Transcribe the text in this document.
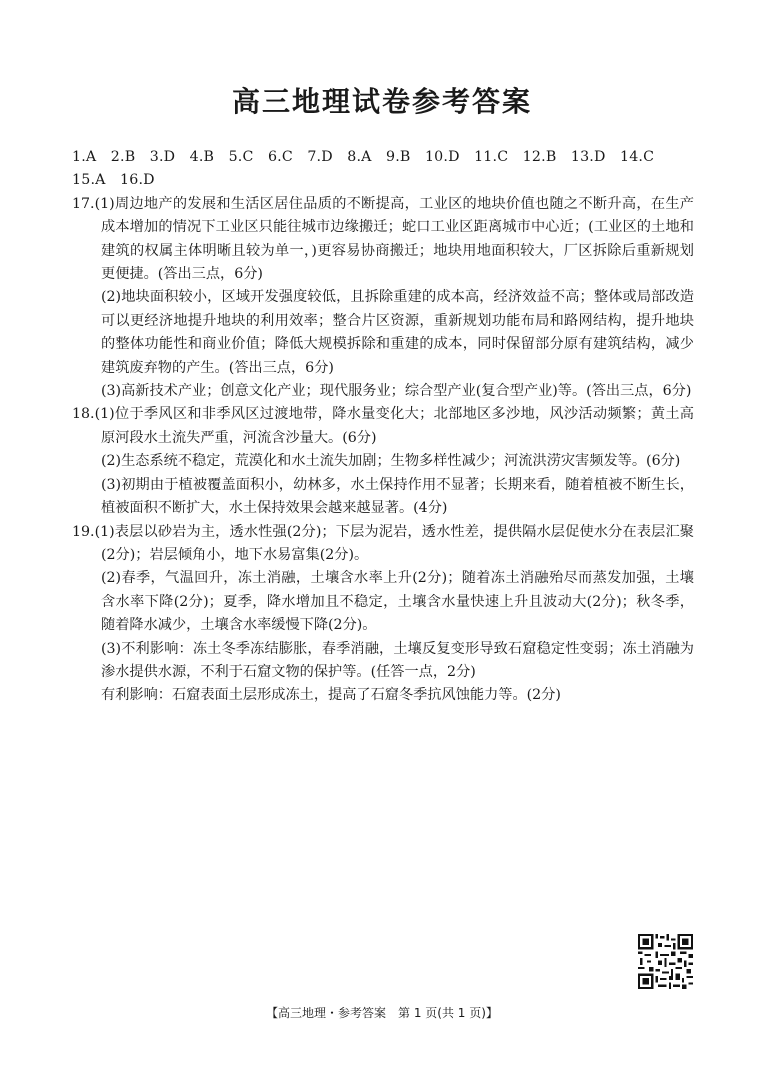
高三地理试卷参考答案

1.A　2.B　3.D　4.B　5.C　6.C　7.D　8.A　9.B　10.D　11.C　12.B　13.D　14.C

15.A　16.D

17.(1)周边地产的发展和生活区居住品质的不断提高，工业区的地块价值也随之不断升高，在生产成本增加的情况下工业区只能往城市边缘搬迁；蛇口工业区距离城市中心近；(工业区的土地和建筑的权属主体明晰且较为单一，)更容易协商搬迁；地块用地面积较大，厂区拆除后重新规划更便捷。(答出三点，6分)

(2)地块面积较小，区域开发强度较低，且拆除重建的成本高，经济效益不高；整体或局部改造可以更经济地提升地块的利用效率；整合片区资源，重新规划功能布局和路网结构，提升地块的整体功能性和商业价值；降低大规模拆除和重建的成本，同时保留部分原有建筑结构，减少建筑废弃物的产生。(答出三点，6分)

(3)高新技术产业；创意文化产业；现代服务业；综合型产业(复合型产业)等。(答出三点，6分)

18.(1)位于季风区和非季风区过渡地带，降水量变化大；北部地区多沙地，风沙活动频繁；黄土高原河段水土流失严重，河流含沙量大。(6分)

(2)生态系统不稳定，荒漠化和水土流失加剧；生物多样性减少；河流洪涝灾害频发等。(6分)

(3)初期由于植被覆盖面积小，幼林多，水土保持作用不显著；长期来看，随着植被不断生长，植被面积不断扩大，水土保持效果会越来越显著。(4分)

19.(1)表层以砂岩为主，透水性强(2分)；下层为泥岩，透水性差，提供隔水层促使水分在表层汇聚(2分)；岩层倾角小，地下水易富集(2分)。

(2)春季，气温回升，冻土消融，土壤含水率上升(2分)；随着冻土消融殆尽而蒸发加强，土壤含水率下降(2分)；夏季，降水增加且不稳定，土壤含水量快速上升且波动大(2分)；秋冬季，随着降水减少，土壤含水率缓慢下降(2分)。

(3)不利影响：冻土冬季冻结膨胀，春季消融，土壤反复变形导致石窟稳定性变弱；冻土消融为渗水提供水源，不利于石窟文物的保护等。(任答一点，2分)

有利影响：石窟表面土层形成冻土，提高了石窟冬季抗风蚀能力等。(2分)

【高三地理・参考答案　第 1 页(共 1 页)】
